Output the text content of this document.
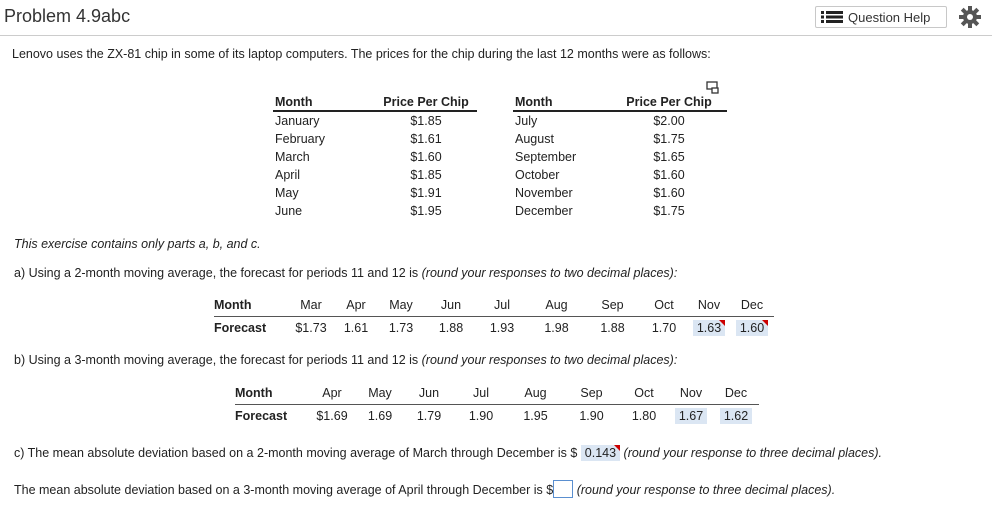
Problem 4.9abc	Question Help
Lenovo uses the ZX-81 chip in some of its laptop computers. The prices for the chip during the last 12 months were as follows:
Month	Price Per Chip		Month	Price Per Chip
January	$1.85		July	$2.00
February	$1.61		August	$1.75
March	$1.60		September	$1.65
April	$1.85		October	$1.60
May	$1.91		November	$1.60
June	$1.95		December	$1.75
This exercise contains only parts a, b, and c.
a) Using a 2-month moving average, the forecast for periods 11 and 12 is (round your responses to two decimal places):
Month	Mar	Apr	May	Jun	Jul	Aug	Sep	Oct	Nov	Dec
Forecast	$1.73	1.61	1.73	1.88	1.93	1.98	1.88	1.70	1.63	1.60
b) Using a 3-month moving average, the forecast for periods 11 and 12 is (round your responses to two decimal places):
Month	Apr	May	Jun	Jul	Aug	Sep	Oct	Nov	Dec
Forecast	$1.69	1.69	1.79	1.90	1.95	1.90	1.80	1.67	1.62
c) The mean absolute deviation based on a 2-month moving average of March through December is $ 0.143 (round your response to three decimal places).
The mean absolute deviation based on a 3-month moving average of April through December is $ (round your response to three decimal places).
